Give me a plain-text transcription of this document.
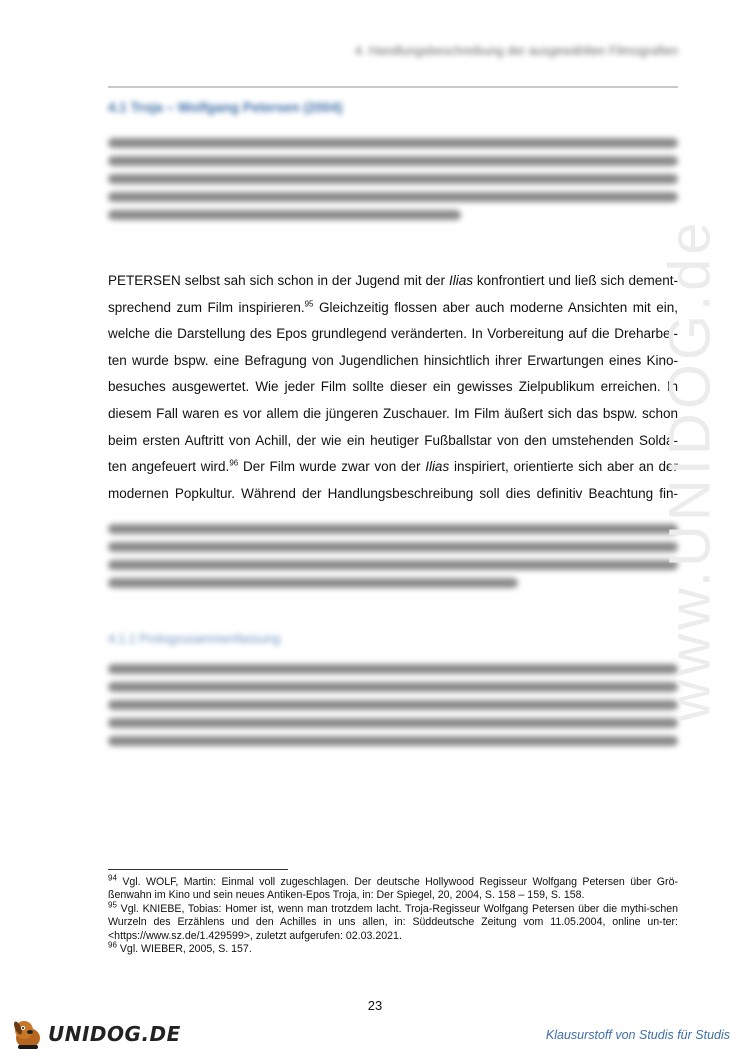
4. Handlungsbeschreibung der ausgewählten Filmografien
4.1 Troja – Wolfgang Petersen (2004)
PETERSEN selbst sah sich schon in der Jugend mit der Ilias konfrontiert und ließ sich dement-
sprechend zum Film inspirieren.$^{95}$ Gleichzeitig flossen aber auch moderne Ansichten mit ein,
welche die Darstellung des Epos grundlegend veränderten. In Vorbereitung auf die Dreharbei-
ten wurde bspw. eine Befragung von Jugendlichen hinsichtlich ihrer Erwartungen eines Kino-
besuches ausgewertet. Wie jeder Film sollte dieser ein gewisses Zielpublikum erreichen. In
diesem Fall waren es vor allem die jüngeren Zuschauer. Im Film äußert sich das bspw. schon
beim ersten Auftritt von Achill, der wie ein heutiger Fußballstar von den umstehenden Solda-
ten angefeuert wird.$^{96}$ Der Film wurde zwar von der Ilias inspiriert, orientierte sich aber an der
modernen Popkultur. Während der Handlungsbeschreibung soll dies definitiv Beachtung fin-
4.1.1 Prologzusammenfassung	www.UNIDOG.de

$^{94}$ Vgl. WOLF, Martin: Einmal voll zugeschlagen. Der deutsche Hollywood Regisseur Wolfgang Petersen über Grö-ßenwahn im Kino und sein neues Antiken-Epos Troja, in: Der Spiegel, 20, 2004, S. 158 – 159, S. 158.

$^{95}$ Vgl. KNIEBE, Tobias: Homer ist, wenn man trotzdem lacht. Troja-Regisseur Wolfgang Petersen über die mythi-schen Wurzeln des Erzählens und den Achilles in uns allen, in: Süddeutsche Zeitung vom 11.05.2004, online un-ter: <https://www.sz.de/1.429599>, zuletzt aufgerufen: 02.03.2021.

$^{96}$ Vgl. WIEBER, 2005, S. 157.

23
UNIDOG.DE	Klausurstoff von Studis für Studis
